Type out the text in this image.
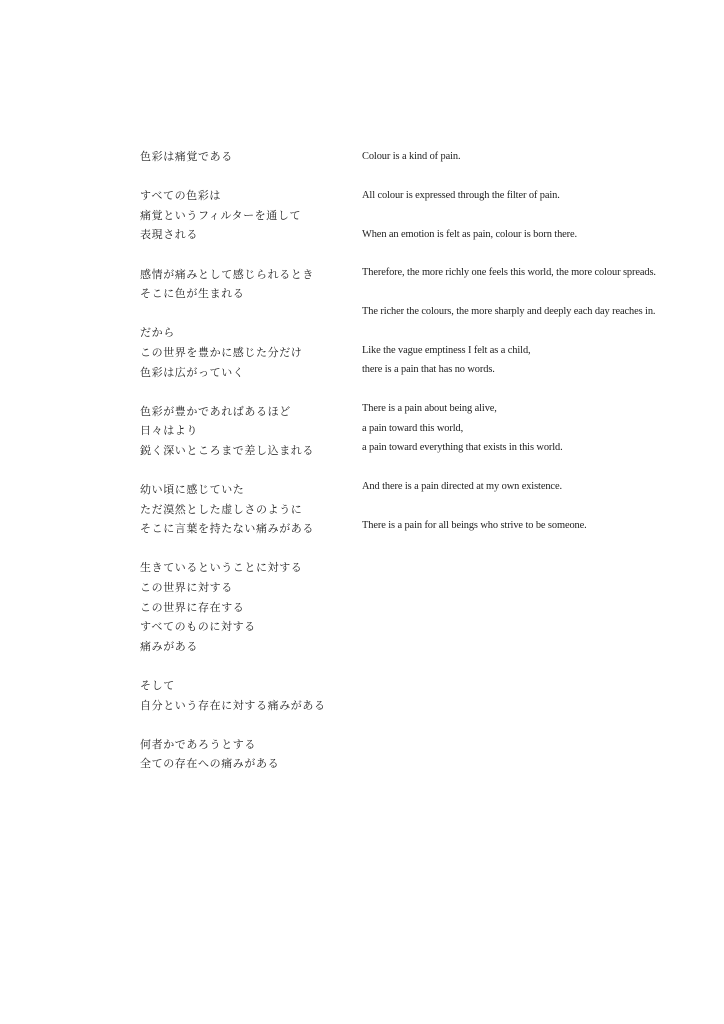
色彩は痛覚である
すべての色彩は
痛覚というフィルターを通して
表現される
感情が痛みとして感じられるとき
そこに色が生まれる
だから
この世界を豊かに感じた分だけ
色彩は広がっていく
色彩が豊かであればあるほど
日々はより
鋭く深いところまで差し込まれる
幼い頃に感じていた
ただ漠然とした虚しさのように
そこに言葉を持たない痛みがある
生きているということに対する
この世界に対する
この世界に存在する
すべてのものに対する
痛みがある
そして
自分という存在に対する痛みがある
何者かであろうとする
全ての存在への痛みがある
Colour is a kind of pain.
All colour is expressed through the filter of pain.
When an emotion is felt as pain, colour is born there.
Therefore, the more richly one feels this world, the more colour spreads.
The richer the colours, the more sharply and deeply each day reaches in.
Like the vague emptiness I felt as a child,
there is a pain that has no words.
There is a pain about being alive,
a pain toward this world,
a pain toward everything that exists in this world.
And there is a pain directed at my own existence.
There is a pain for all beings who strive to be someone.
